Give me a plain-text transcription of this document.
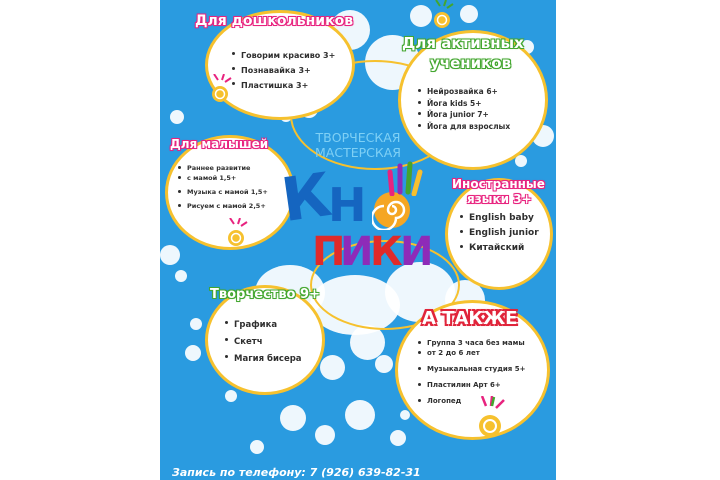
Для дошкольников
Говорим красиво 3+
Познавайка 3+
Пластишка 3+
Для активных
учеников
Нейрозвайка 6+
Йога kids 5+
Йога junior 7+
Йога для взрослых
Для малышей
Раннее развитие
с мамой 1,5+
Музыка с мамой 1,5+
Рисуем с мамой 2,5+
ТВОРЧЕСКАЯ
МАСТЕРСКАЯ
К
Н
П
И
К
И
Иностранные
языки 3+
English baby
English junior
Китайский
Творчество 9+
Графика
Скетч
Магия бисера
А ТАКЖЕ
Группа 3 часа без мамы
от 2 до 6 лет
Музыкальная студия 5+
Пластилин Арт 6+
Логопед
Запись по телефону: 7 (926) 639-82-31
